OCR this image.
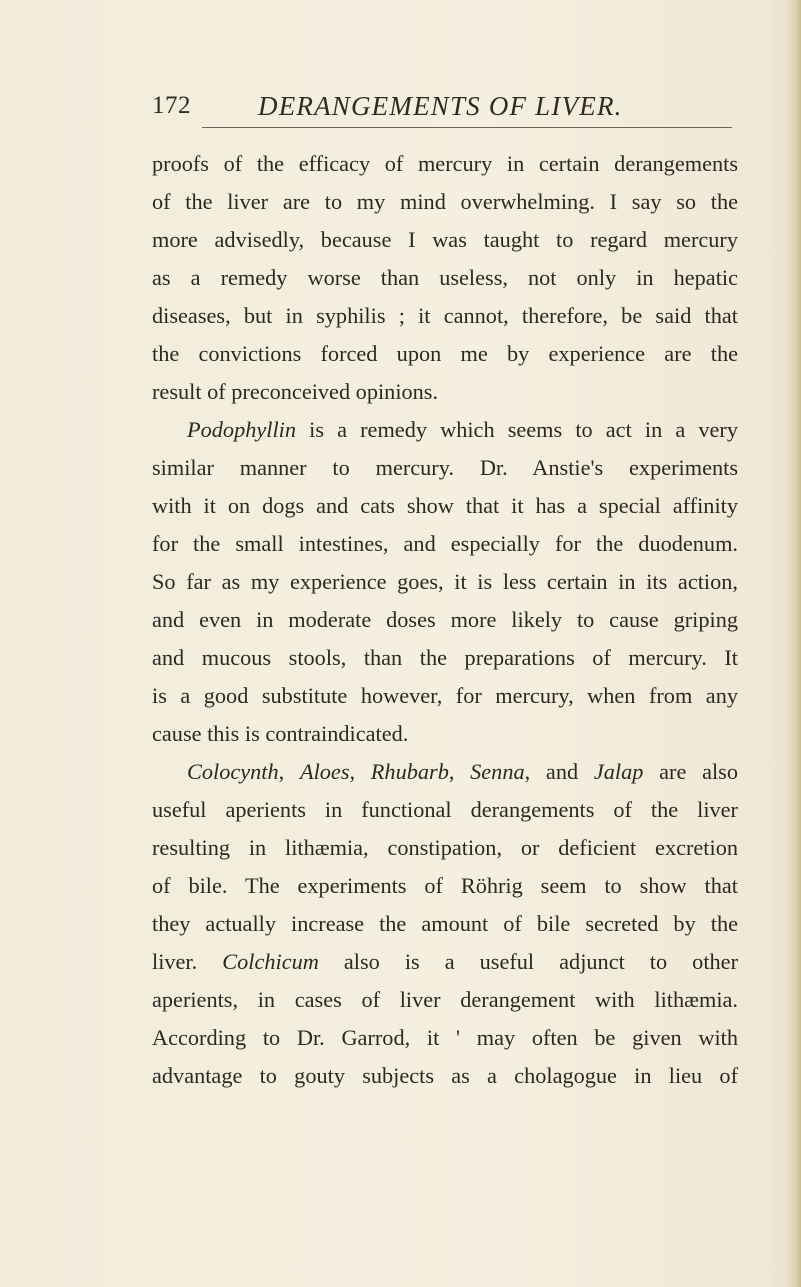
172 DERANGEMENTS OF LIVER.
proofs of the efficacy of mercury in certain derangements
of the liver are to my mind overwhelming. I say so the
more advisedly, because I was taught to regard mercury
as a remedy worse than useless, not only in hepatic
diseases, but in syphilis ; it cannot, therefore, be said that
the convictions forced upon me by experience are the
result of preconceived opinions.
Podophyllin is a remedy which seems to act in a very
similar manner to mercury. Dr. Anstie's experiments
with it on dogs and cats show that it has a special affinity
for the small intestines, and especially for the duodenum.
So far as my experience goes, it is less certain in its action,
and even in moderate doses more likely to cause griping
and mucous stools, than the preparations of mercury. It
is a good substitute however, for mercury, when from any
cause this is contraindicated.
Colocynth, Aloes, Rhubarb, Senna, and Jalap are also
useful aperients in functional derangements of the liver
resulting in lithæmia, constipation, or deficient excretion
of bile. The experiments of Röhrig seem to show that
they actually increase the amount of bile secreted by the
liver. Colchicum also is a useful adjunct to other
aperients, in cases of liver derangement with lithæmia.
According to Dr. Garrod, it ' may often be given with
advantage to gouty subjects as a cholagogue in lieu of
